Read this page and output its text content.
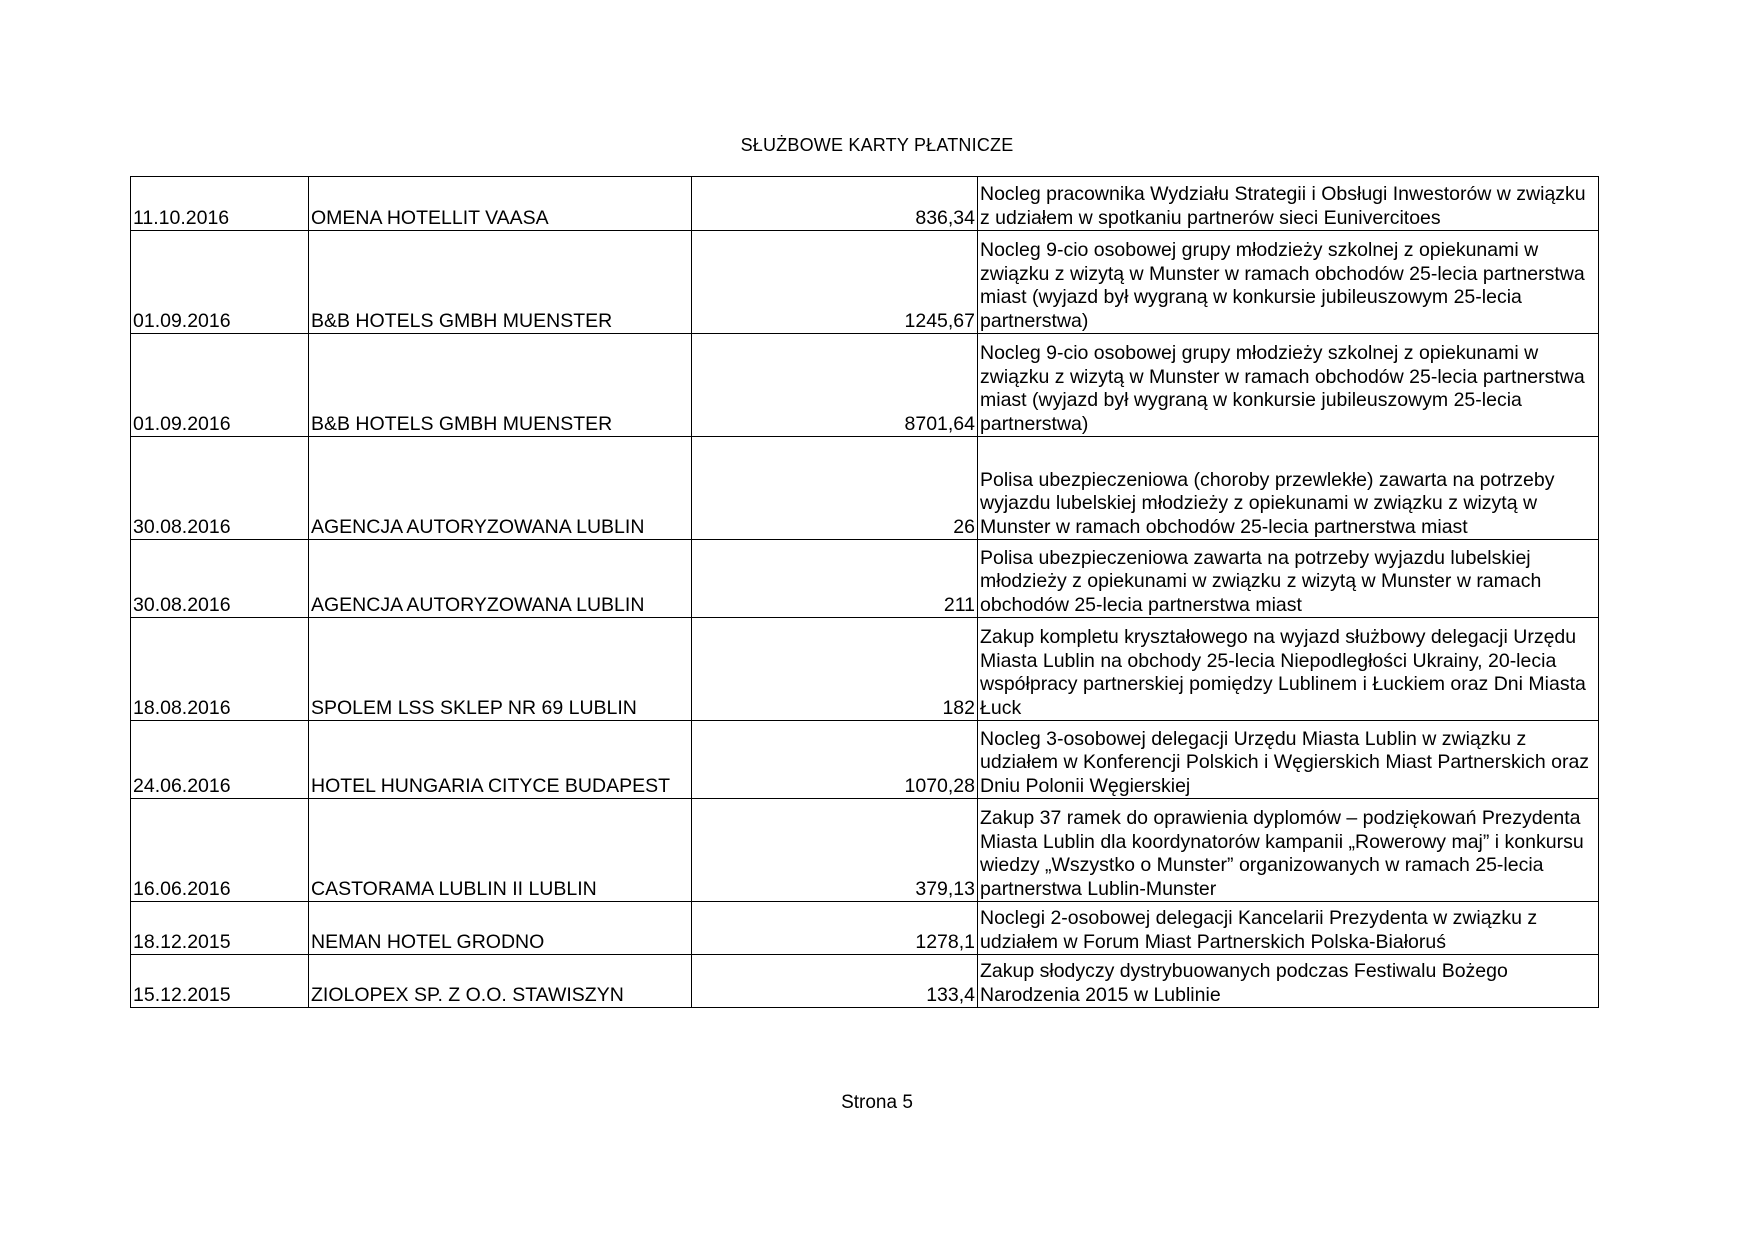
SŁUŻBOWE KARTY PŁATNICZE
11.10.2016	OMENA HOTELLIT VAASA	836,34	Nocleg pracownika Wydziału Strategii i Obsługi Inwestorów w związku z udziałem w spotkaniu partnerów sieci Eunivercitoes
01.09.2016	B&B HOTELS GMBH MUENSTER	1245,67	Nocleg 9-cio osobowej grupy młodzieży szkolnej z opiekunami w związku z wizytą w Munster w ramach obchodów 25-lecia partnerstwa miast (wyjazd był wygraną w konkursie jubileuszowym 25-lecia partnerstwa)
01.09.2016	B&B HOTELS GMBH MUENSTER	8701,64	Nocleg 9-cio osobowej grupy młodzieży szkolnej z opiekunami w związku z wizytą w Munster w ramach obchodów 25-lecia partnerstwa miast (wyjazd był wygraną w konkursie jubileuszowym 25-lecia partnerstwa)
30.08.2016	AGENCJA AUTORYZOWANA LUBLIN	26	Polisa ubezpieczeniowa (choroby przewlekłe) zawarta na potrzeby wyjazdu lubelskiej młodzieży z opiekunami w związku z wizytą w Munster w ramach obchodów 25-lecia partnerstwa miast
30.08.2016	AGENCJA AUTORYZOWANA LUBLIN	211	Polisa ubezpieczeniowa zawarta na potrzeby wyjazdu lubelskiej młodzieży z opiekunami w związku z wizytą w Munster w ramach obchodów 25-lecia partnerstwa miast
18.08.2016	SPOLEM LSS SKLEP NR 69 LUBLIN	182	Zakup kompletu kryształowego na wyjazd służbowy delegacji Urzędu Miasta Lublin na obchody 25-lecia Niepodległości Ukrainy, 20-lecia współpracy partnerskiej pomiędzy Lublinem i Łuckiem oraz Dni Miasta Łuck
24.06.2016	HOTEL HUNGARIA CITYCE BUDAPEST	1070,28	Nocleg 3-osobowej delegacji Urzędu Miasta Lublin w związku z udziałem w Konferencji Polskich i Węgierskich Miast Partnerskich oraz Dniu Polonii Węgierskiej
16.06.2016	CASTORAMA LUBLIN II LUBLIN	379,13	Zakup 37 ramek do oprawienia dyplomów – podziękowań Prezydenta Miasta Lublin dla koordynatorów kampanii „Rowerowy maj” i konkursu wiedzy „Wszystko o Munster” organizowanych w ramach 25-lecia partnerstwa Lublin-Munster
18.12.2015	NEMAN HOTEL GRODNO	1278,1	Noclegi 2-osobowej delegacji Kancelarii Prezydenta w związku z udziałem w Forum Miast Partnerskich Polska-Białoruś
15.12.2015	ZIOLOPEX SP. Z O.O. STAWISZYN	133,4	Zakup słodyczy dystrybuowanych podczas Festiwalu Bożego Narodzenia 2015 w Lublinie
Strona 5
